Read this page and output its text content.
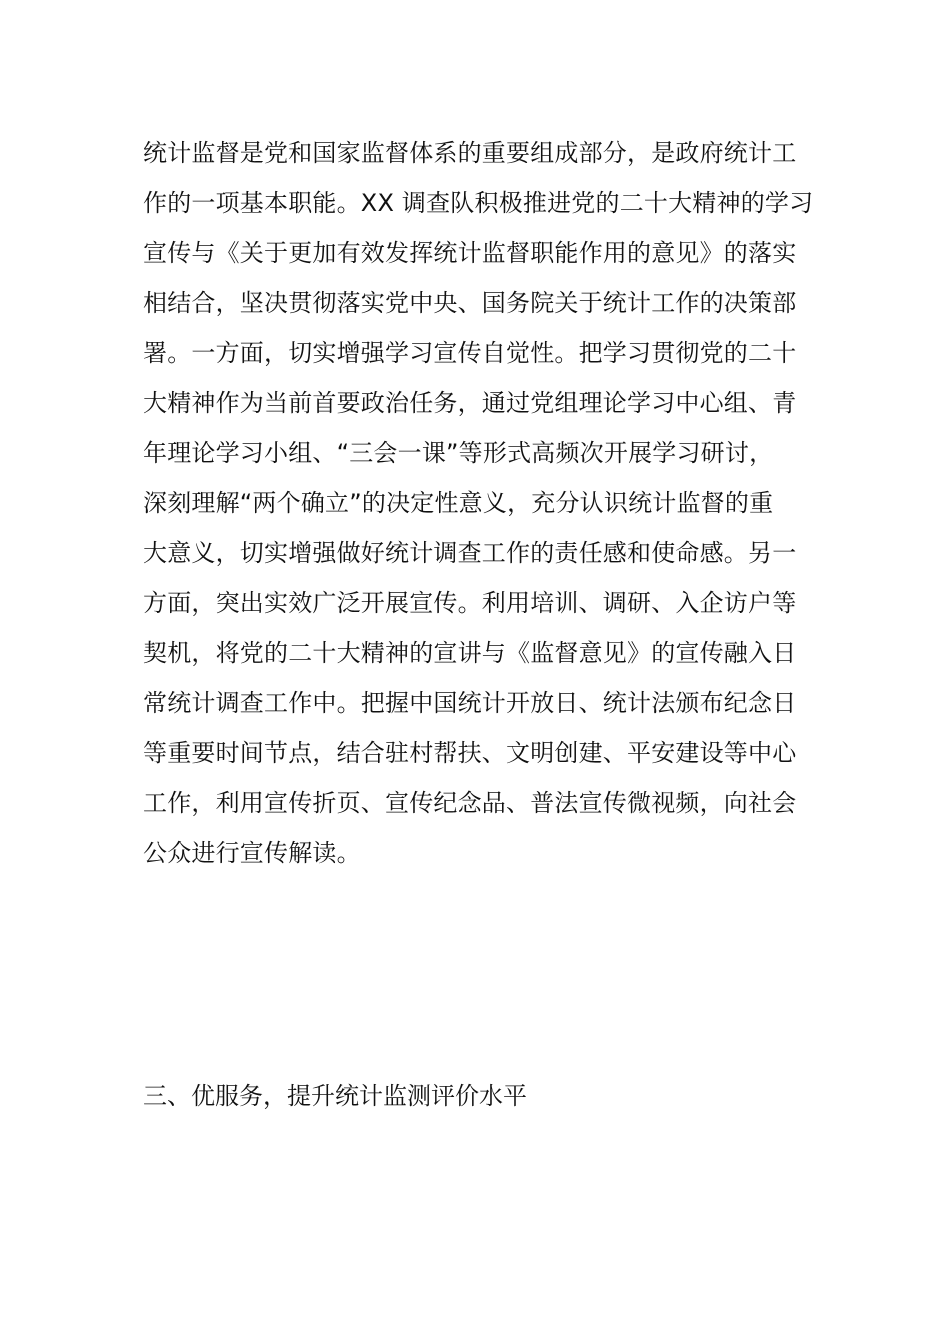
统计监督是党和国家监督体系的重要组成部分，是政府统计工
作的一项基本职能。XX 调查队积极推进党的二十大精神的学习
宣传与《关于更加有效发挥统计监督职能作用的意见》的落实
相结合，坚决贯彻落实党中央、国务院关于统计工作的决策部
署。一方面，切实增强学习宣传自觉性。把学习贯彻党的二十
大精神作为当前首要政治任务，通过党组理论学习中心组、青
年理论学习小组、“三会一课”等形式高频次开展学习研讨，
深刻理解“两个确立”的决定性意义，充分认识统计监督的重
大意义，切实增强做好统计调查工作的责任感和使命感。另一
方面，突出实效广泛开展宣传。利用培训、调研、入企访户等
契机，将党的二十大精神的宣讲与《监督意见》的宣传融入日
常统计调查工作中。把握中国统计开放日、统计法颁布纪念日
等重要时间节点，结合驻村帮扶、文明创建、平安建设等中心
工作，利用宣传折页、宣传纪念品、普法宣传微视频，向社会
公众进行宣传解读。
三、优服务，提升统计监测评价水平
